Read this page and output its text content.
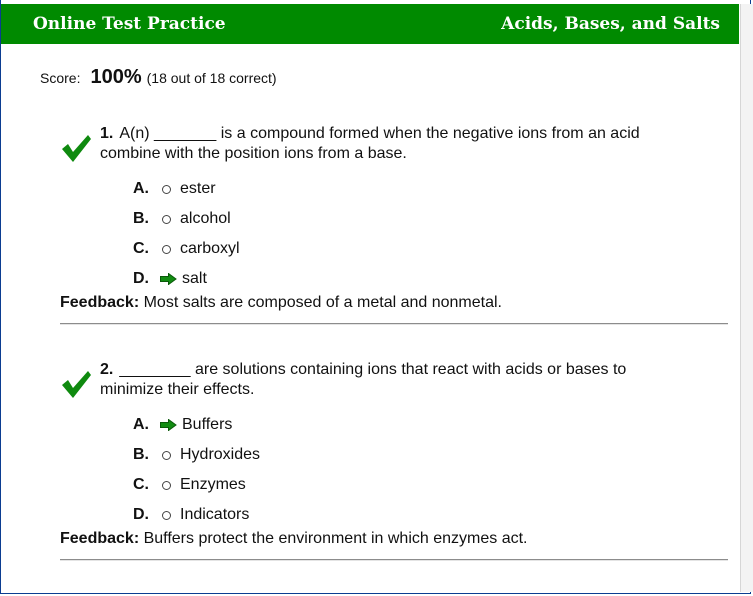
Online Test Practice	Acids, Bases, and Salts
Score: 100% (18 out of 18 correct)
1. A(n) _______ is a compound formed when the negative ions from an acid combine with the position ions from a base.
A.	ester
B.	alcohol
C.	carboxyl
D.	salt
Feedback: Most salts are composed of a metal and nonmetal.
2. ________ are solutions containing ions that react with acids or bases to minimize their effects.
A.	Buffers
B.	Hydroxides
C.	Enzymes
D.	Indicators
Feedback: Buffers protect the environment in which enzymes act.
